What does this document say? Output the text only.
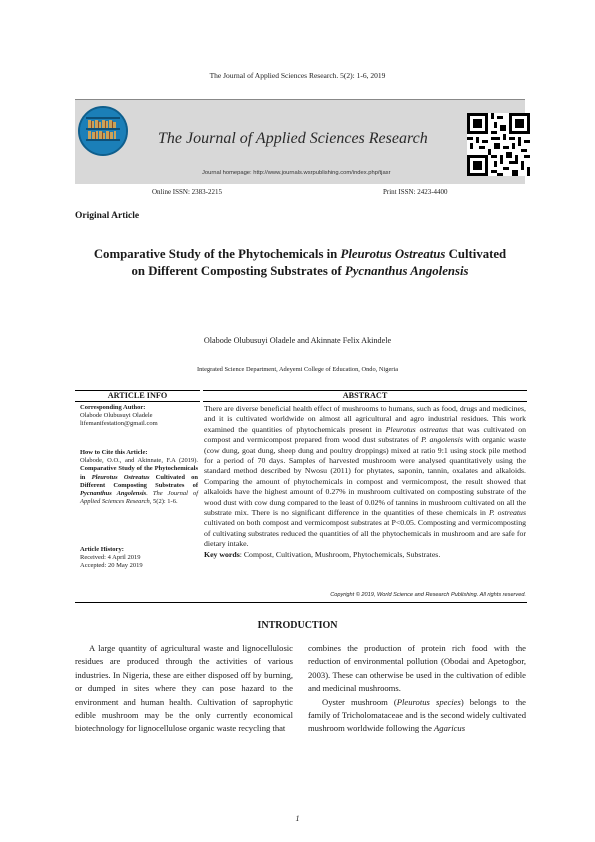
The Journal of Applied Sciences Research. 5(2): 1-6, 2019
The Journal of Applied Sciences Research
Journal homepage: http://www.journals.wsrpublishing.com/index.php/tjasr
Online ISSN: 2383-2215	Print ISSN: 2423-4400
Original Article
Comparative Study of the Phytochemicals in Pleurotus Ostreatus Cultivated on Different Composting Substrates of Pycnanthus Angolensis
Olabode Olubusuyi Oladele and Akinnate Felix Akindele
Integrated Science Department, Adeyemi College of Education, Ondo, Nigeria
ARTICLE INFO	ABSTRACT

Corresponding Author:

Olabode Olubusuyi Oladele

lifemanifestation@gmail.com

How to Cite this Article:

Olabode, O.O., and Akinnate, F.A (2019). Comparative Study of the Phytochemicals in Pleurotus Ostreatus Cultivated on Different Composting Substrates of Pycnanthus Angolensis. The Journal of Applied Sciences Research, 5(2): 1-6.

Article History:

Received: 4 April 2019

Accepted: 20 May 2019

There are diverse beneficial health effect of mushrooms to humans, such as food, drugs and medicines, and it is cultivated worldwide on almost all agricultural and agro industrial residues. This work examined the quantities of phytochemicals present in Pleurotus ostreatus that was cultivated on compost and vermicompost prepared from wood dust substrates of P. angolensis with organic waste (cow dung, goat dung, sheep dung and poultry droppings) mixed at ratio 9:1 using stock pile method for a period of 70 days. Samples of harvested mushroom were analysed quantitatively using the standard method described by Nwosu (2011) for phytates, saponin, tannin, oxalates and alkaloids. Comparing the amount of phytochemicals in compost and vermicompost, the result showed that alkaloids have the highest amount of 0.27% in mushroom cultivated on composting substrate of the wood dust with cow dung compared to the least of 0.02% of tannins in mushroom cultivated on all the substrate mix. There is no significant difference in the quantities of these chemicals in P. ostreatus cultivated on both compost and vermicompost substrates at P<0.05. Composting and vermicomposting of cultivating substrates reduced the quantities of all the phytochemicals in mushroom and are safe for dietary intake.

Key words: Compost, Cultivation, Mushroom, Phytochemicals, Substrates.

Copyright © 2019, World Science and Research Publishing. All rights reserved.
INTRODUCTION

A large quantity of agricultural waste and lignocellulosic residues are produced through the activities of various industries. In Nigeria, these are either disposed off by burning, or dumped in sites where they can pose hazard to the environment and human health. Cultivation of saprophytic edible mushroom may be the only currently economical biotechnology for lignocellulose organic waste recycling that

combines the production of protein rich food with the reduction of environmental pollution (Obodai and Apetogbor, 2003). These can otherwise be used in the cultivation of edible and medicinal mushrooms.

Oyster mushroom (Pleurotus species) belongs to the family of Tricholomataceae and is the second widely cultivated mushroom worldwide following the Agaricus

1
